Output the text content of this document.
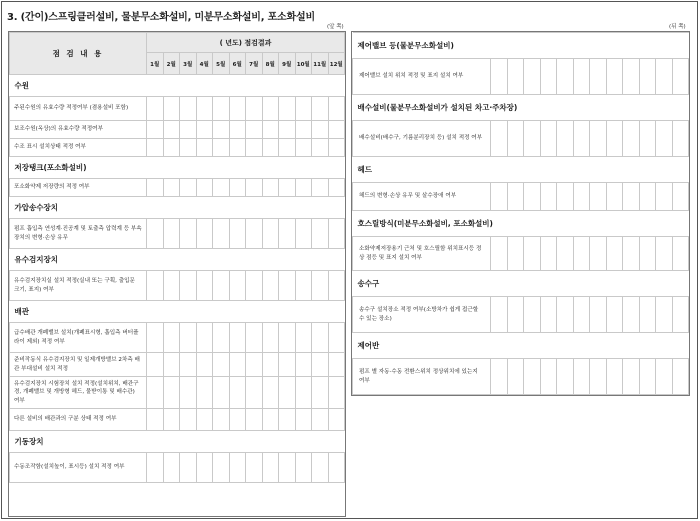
3. (간이)스프링클러설비, 물분무소화설비, 미분무소화설비, 포소화설비
(앞 쪽)	(뒤 쪽)
점 검 내 용	( 년도) 점검결과											
	1월	2월	3월	4월	5월	6월	7월	8월	9월	10월	11월	12월
수원												
주된수원의 유효수량 적정여부 (겸용설비 포함)												
보조수원(옥상)의 유효수량 적정여부												
수조 표시 설치상태 적정 여부												
저장탱크(포소화설비)												
포소화약제 저장량의 적정 여부												
가압송수장치												
펌프 흡입측 연성계·진공계 및 토출측 압력계 등 부속장치의 변형·손상 유무												
유수검지장치												
유수검지장치실 설치 적정(실내 또는 구획, 출입문 크기, 표지) 여부												
배관												
급수배관 개폐밸브 설치(개폐표시형, 흡입측 버터플라이 제외) 적정 여부												
준비작동식 유수검지장치 및 일제개방밸브 2차측 배관 부대설비 설치 적정												
유수검지장치 시험장치 설치 적정(설치위치, 배관구경, 개폐밸브 및 개방형 헤드, 물받이통 및 배수관) 여부												
다른 설비의 배관과의 구분 상태 적정 여부												
기동장치												
수동조작함(설치높이, 표시등) 설치 적정 여부												
제어밸브 등(물분무소화설비)												
제어밸브 설치 위치 적정 및 표지 설치 여부												
배수설비(물분무소화설비가 설치된 차고·주차장)												
배수설비(배수구, 기름분리장치 등) 설치 적정 여부												
헤드												
헤드의 변형·손상 유무 및 살수장애 여부												
호스릴방식(미분무소화설비, 포소화설비)												
소화약제저장용기 근처 및 호스릴함 위치표시등 정상 점등 및 표지 설치 여부												
송수구												
송수구 설치장소 적정 여부(소방차가 쉽게 접근할 수 있는 장소)												
제어반												
펌프 별 자동·수동 전환스위치 정상위치에 있는지 여부												
